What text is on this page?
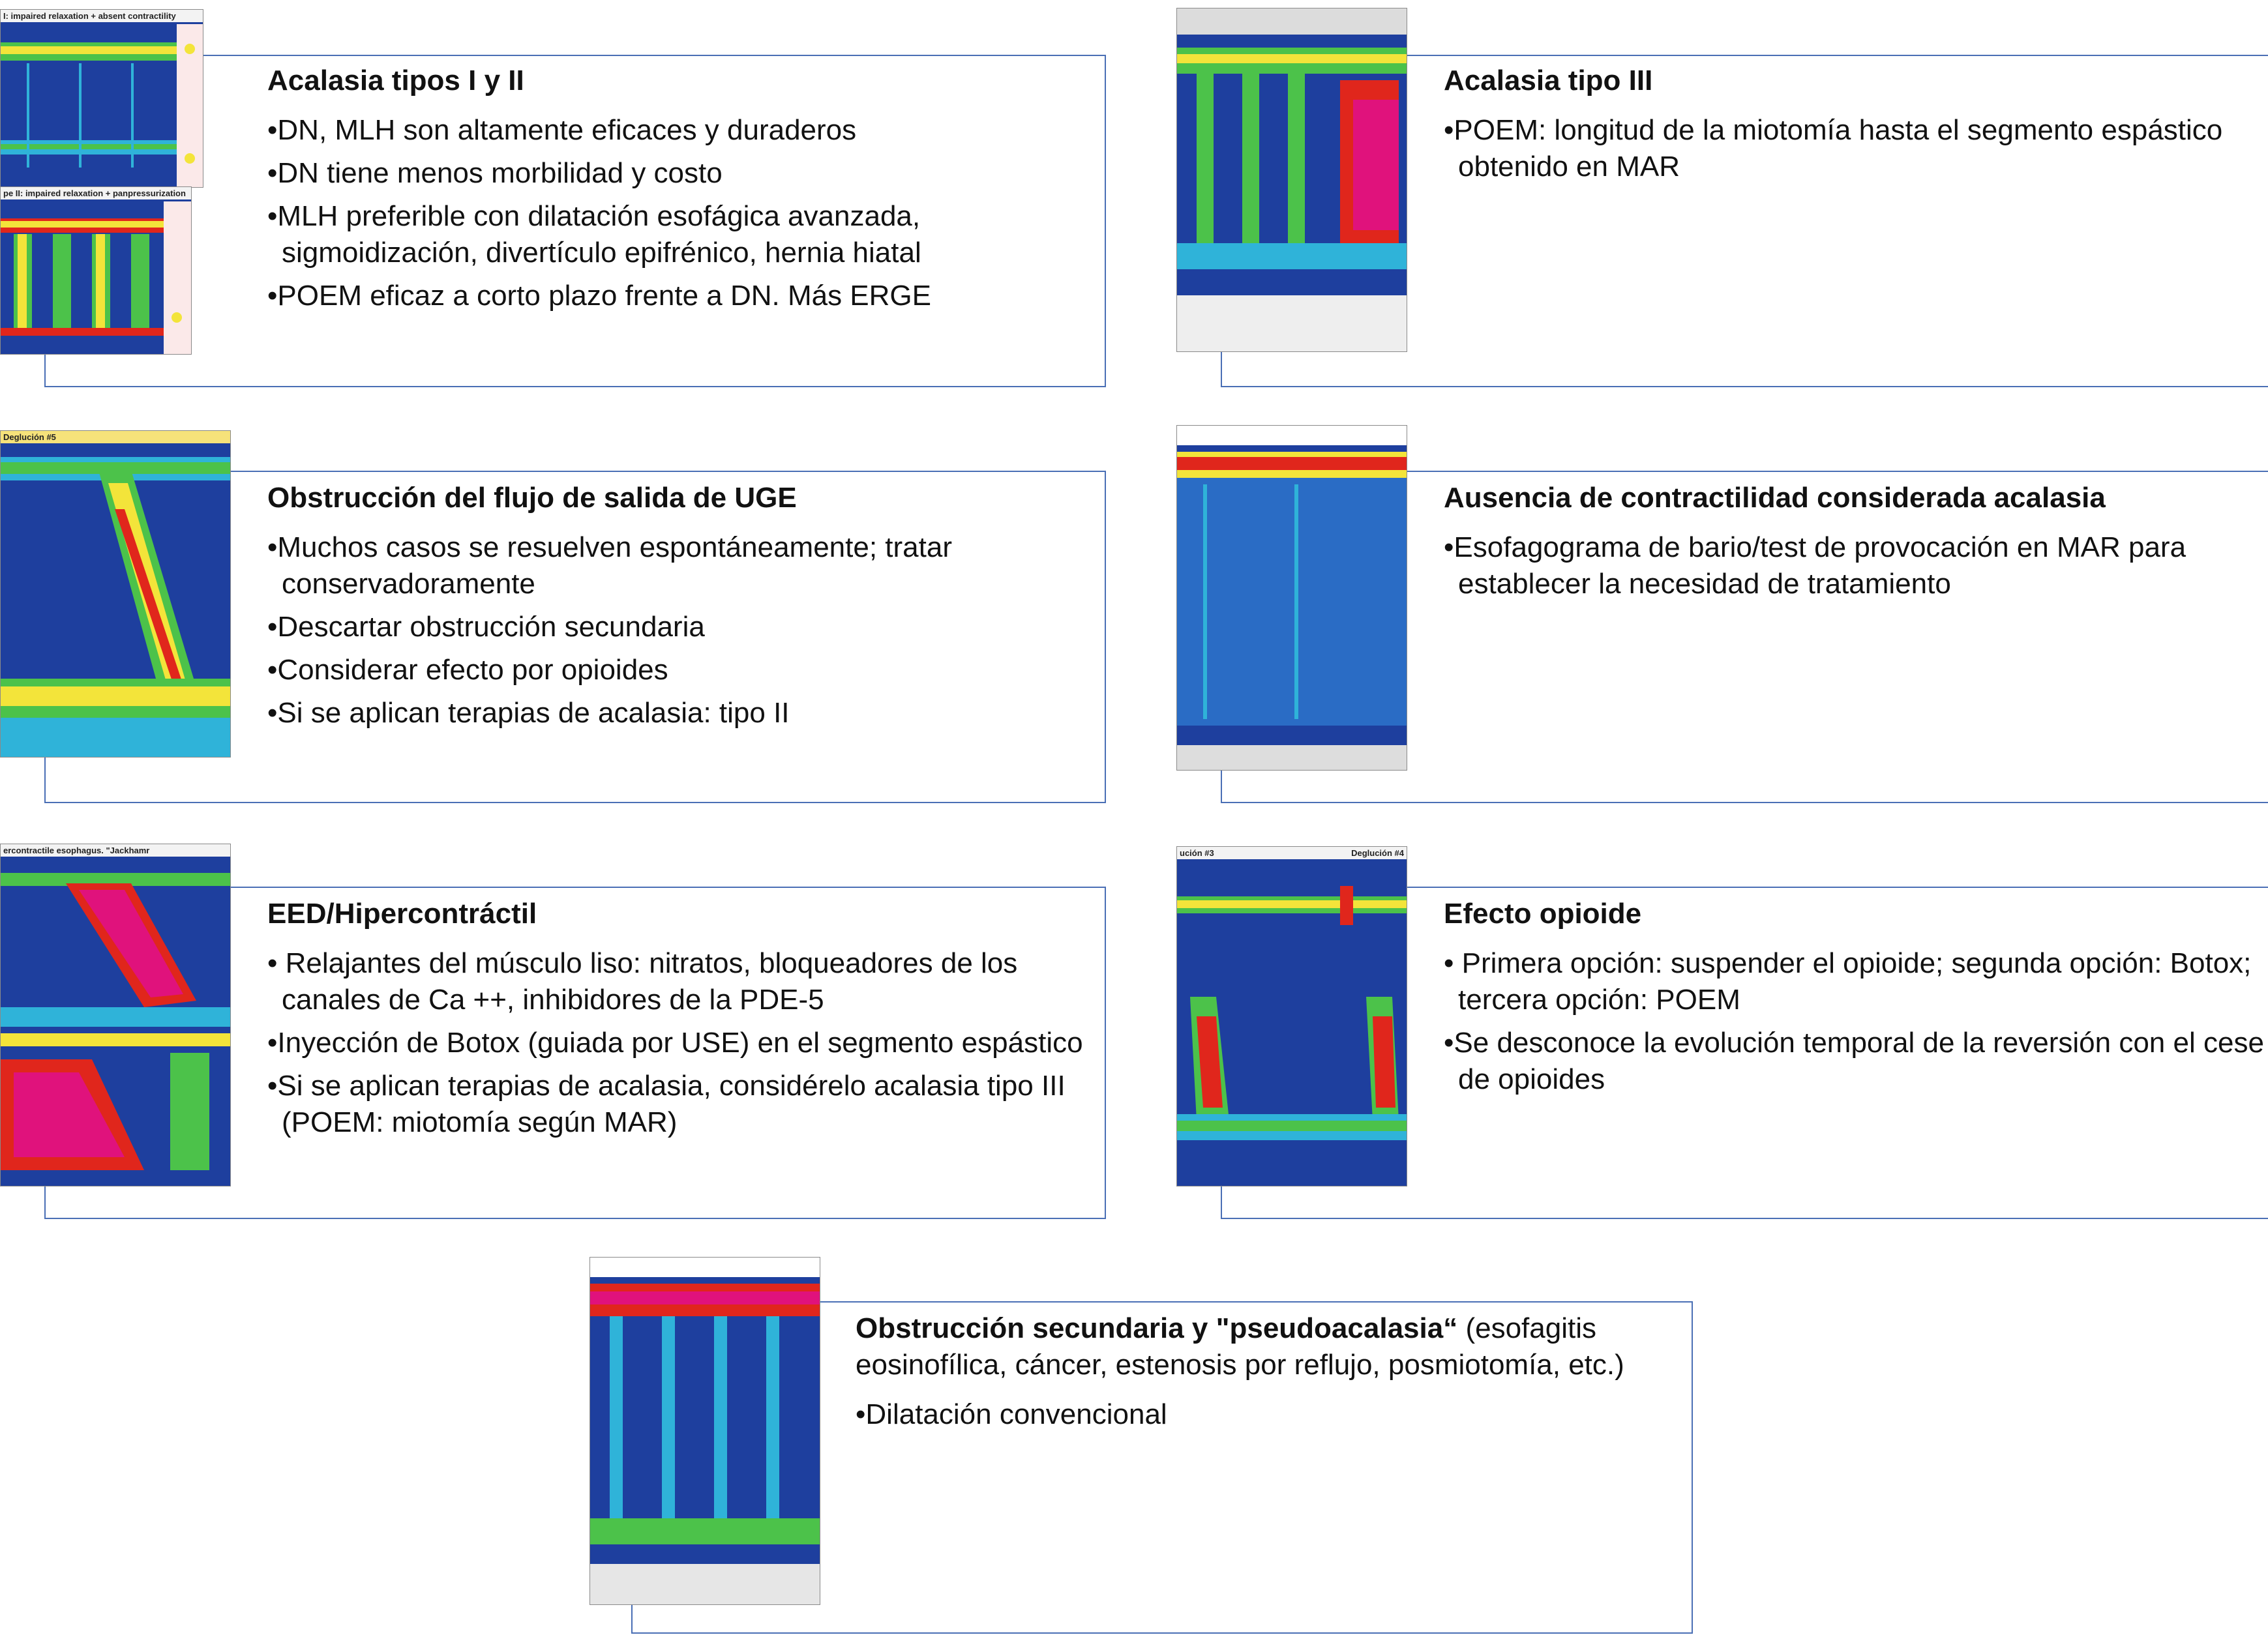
I: impaired relaxation + absent contractility
pe II: impaired relaxation + panpressurization

Acalasia tipos I y II

• DN, MLH son altamente eficaces y duraderos
• DN tiene menos morbilidad y costo
• MLH preferible con dilatación esofágica avanzada, sigmoidización, divertículo epifrénico, hernia hiatal
• POEM eficaz a corto plazo frente a DN. Más ERGE

Acalasia tipo III

• POEM: longitud de la miotomía hasta el segmento espástico obtenido en MAR
Deglución #5

Obstrucción del flujo de salida de UGE

• Muchos casos se resuelven espontáneamente; tratar conservadoramente
• Descartar obstrucción secundaria
• Considerar efecto por opioides
• Si se aplican terapias de acalasia: tipo II

Ausencia de contractilidad considerada acalasia

• Esofagograma de bario/test de provocación en MAR para establecer la necesidad de tratamiento
ercontractile esophagus. "Jackhamr

EED/Hipercontráctil

• Relajantes del músculo liso: nitratos, bloqueadores de los canales de Ca ++, inhibidores de la PDE-5
• Inyección de Botox (guiada por USE) en el segmento espástico
• Si se aplican terapias de acalasia, considérelo acalasia tipo III (POEM: miotomía según MAR)
ución #3	Deglución #4

Efecto opioide

• Primera opción: suspender el opioide; segunda opción: Botox; tercera opción: POEM
• Se desconoce la evolución temporal de la reversión con el cese de opioides

Obstrucción secundaria y "pseudoacalasia“ (esofagitis eosinofílica, cáncer, estenosis por reflujo, posmiotomía, etc.)

• Dilatación convencional
